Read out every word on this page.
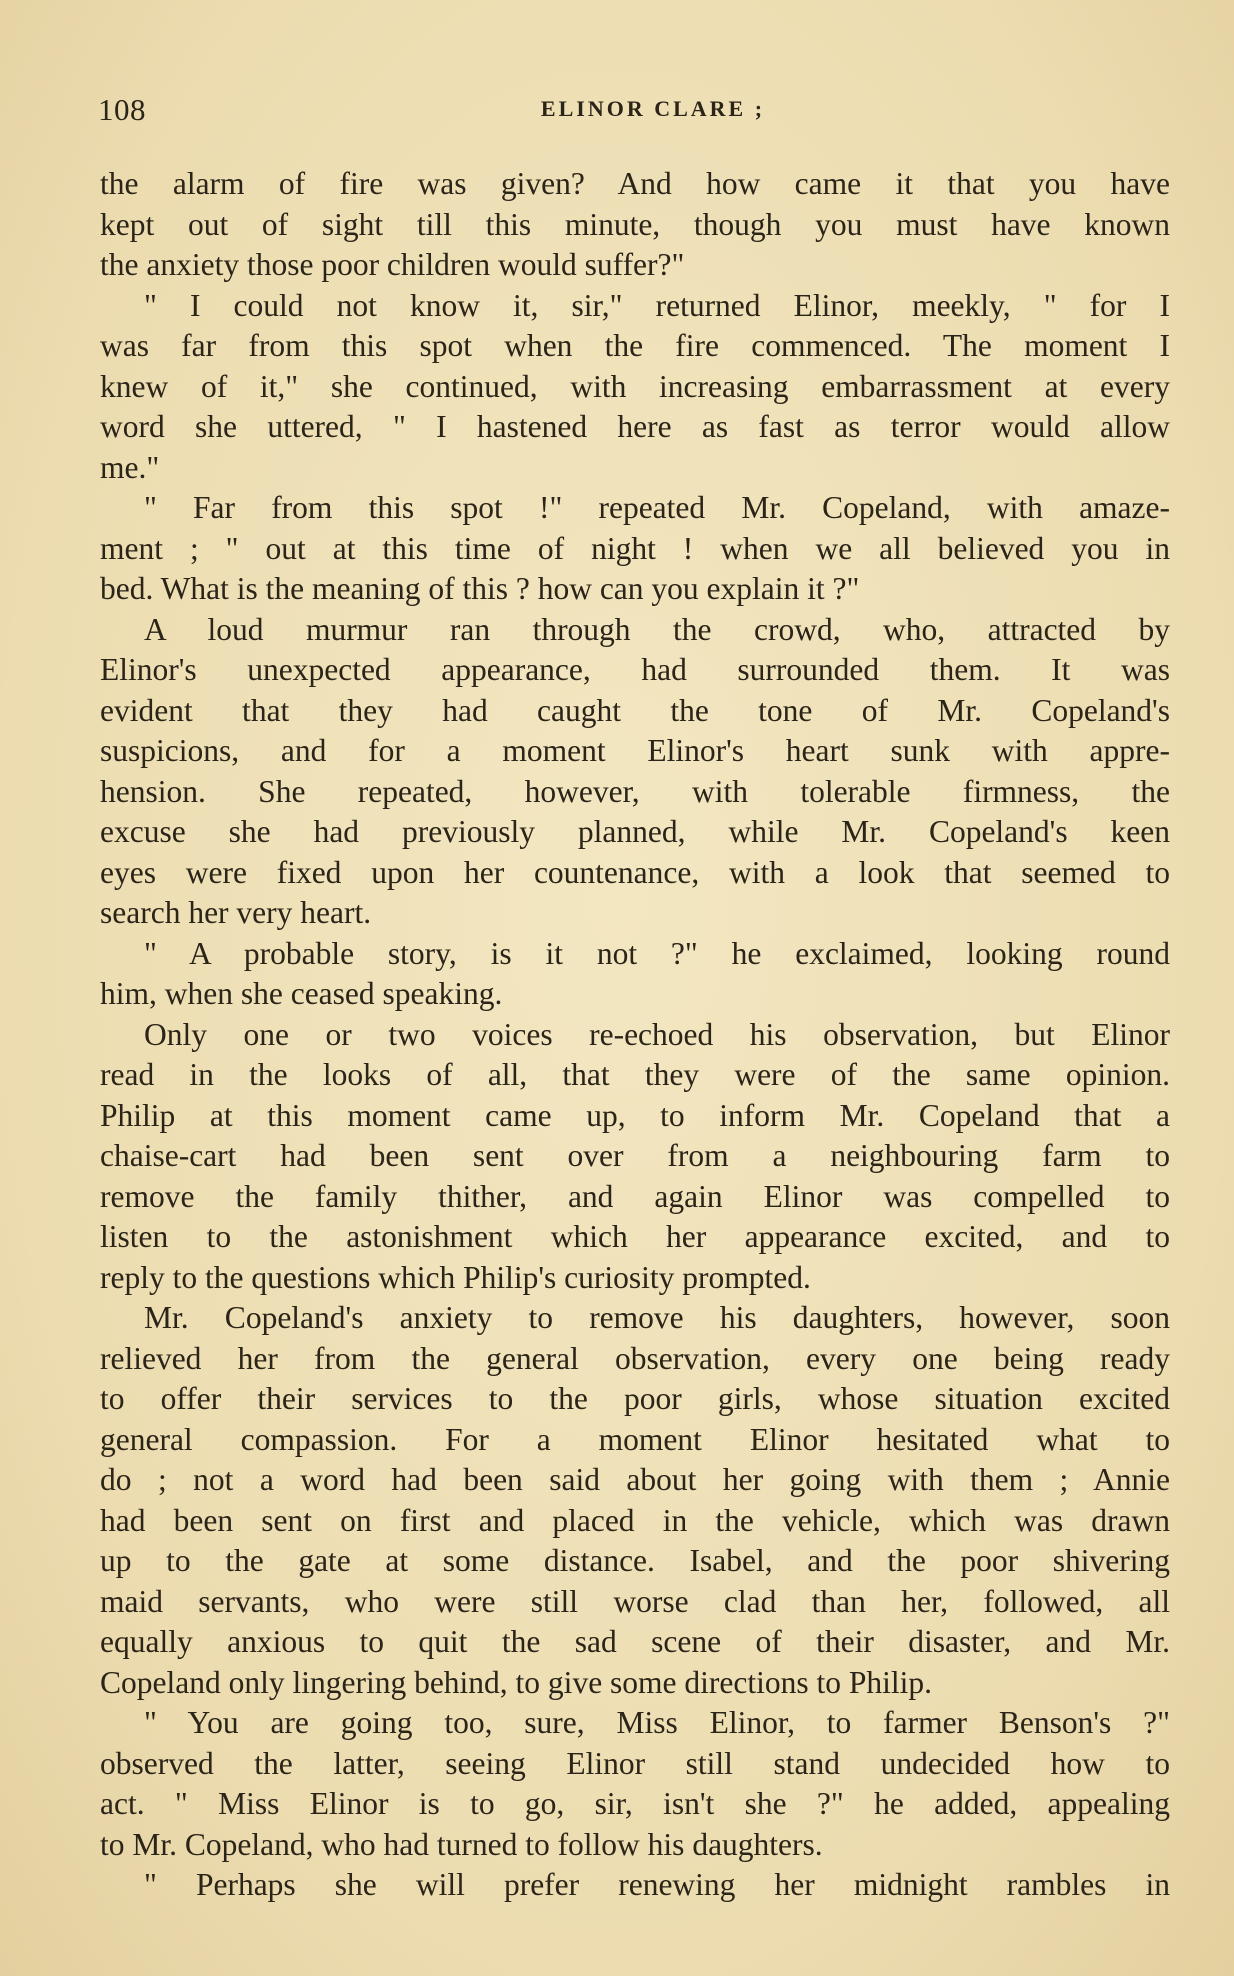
108	ELINOR CLARE ;
the alarm of fire was given? And how came it that you have
kept out of sight till this minute, though you must have known
the anxiety those poor children would suffer?"
" I could not know it, sir," returned Elinor, meekly, " for I
was far from this spot when the fire commenced. The moment I
knew of it," she continued, with increasing embarrassment at every
word she uttered, " I hastened here as fast as terror would allow
me."
" Far from this spot !" repeated Mr. Copeland, with amaze-
ment ; " out at this time of night ! when we all believed you in
bed. What is the meaning of this ? how can you explain it ?"
A loud murmur ran through the crowd, who, attracted by
Elinor's unexpected appearance, had surrounded them. It was
evident that they had caught the tone of Mr. Copeland's
suspicions, and for a moment Elinor's heart sunk with appre-
hension. She repeated, however, with tolerable firmness, the
excuse she had previously planned, while Mr. Copeland's keen
eyes were fixed upon her countenance, with a look that seemed to
search her very heart.
" A probable story, is it not ?" he exclaimed, looking round
him, when she ceased speaking.
Only one or two voices re-echoed his observation, but Elinor
read in the looks of all, that they were of the same opinion.
Philip at this moment came up, to inform Mr. Copeland that a
chaise-cart had been sent over from a neighbouring farm to
remove the family thither, and again Elinor was compelled to
listen to the astonishment which her appearance excited, and to
reply to the questions which Philip's curiosity prompted.
Mr. Copeland's anxiety to remove his daughters, however, soon
relieved her from the general observation, every one being ready
to offer their services to the poor girls, whose situation excited
general compassion. For a moment Elinor hesitated what to
do ; not a word had been said about her going with them ; Annie
had been sent on first and placed in the vehicle, which was drawn
up to the gate at some distance. Isabel, and the poor shivering
maid servants, who were still worse clad than her, followed, all
equally anxious to quit the sad scene of their disaster, and Mr.
Copeland only lingering behind, to give some directions to Philip.
" You are going too, sure, Miss Elinor, to farmer Benson's ?"
observed the latter, seeing Elinor still stand undecided how to
act. " Miss Elinor is to go, sir, isn't she ?" he added, appealing
to Mr. Copeland, who had turned to follow his daughters.
" Perhaps she will prefer renewing her midnight rambles in
